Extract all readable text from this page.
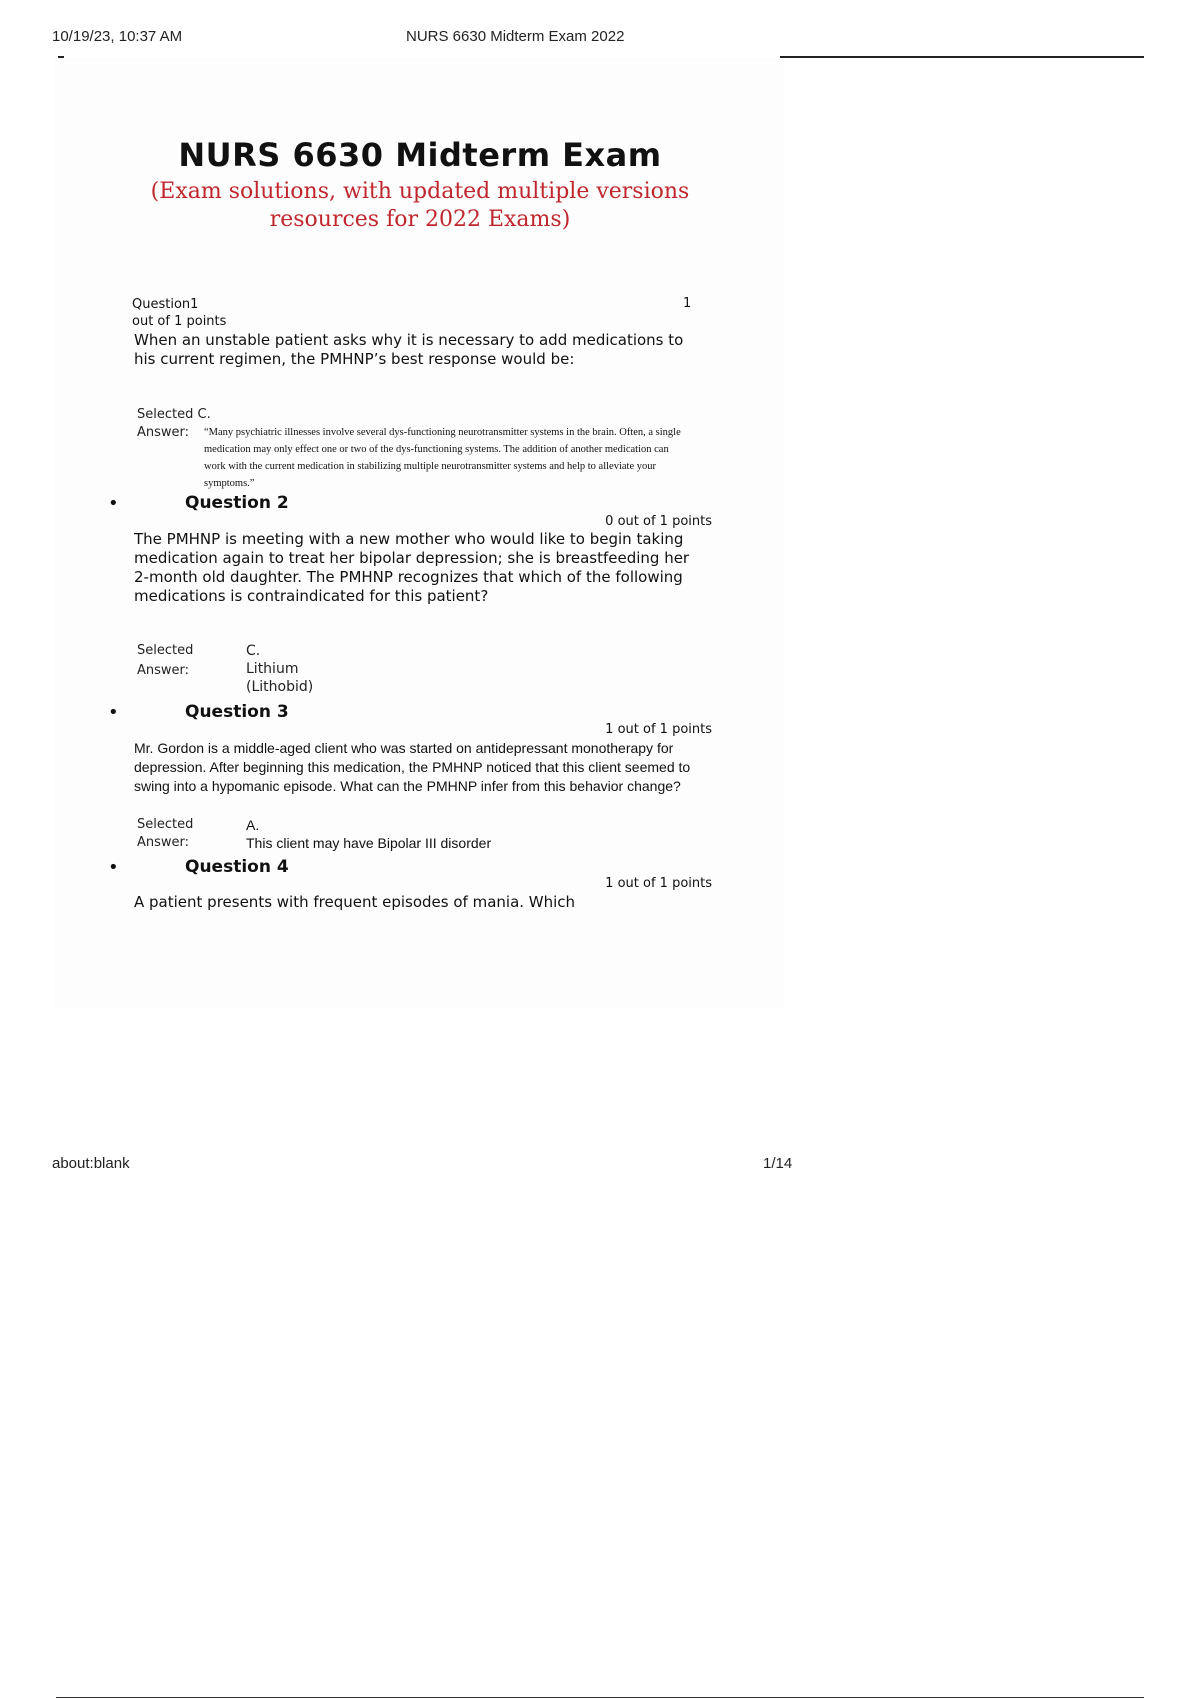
10/19/23, 10:37 AM	NURS 6630 Midterm Exam 2022
NURS 6630 Midterm Exam
(Exam solutions, with updated multiple versions
resources for 2022 Exams)
Question1
out of 1 points
1
When an unstable patient asks why it is necessary to add medications to his current regimen, the PMHNP’s best response would be:
Selected C.
Answer:	“Many psychiatric illnesses involve several dys-functioning neurotransmitter systems in the brain. Often, a single medication may only effect one or two of the dys-functioning systems. The addition of another medication can work with the current medication in stabilizing multiple neurotransmitter systems and help to alleviate your symptoms.”
•	Question 2
0 out of 1 points
The PMHNP is meeting with a new mother who would like to begin taking medication again to treat her bipolar depression; she is breastfeeding her 2-month old daughter. The PMHNP recognizes that which of the following medications is contraindicated for this patient?
Selected
Answer:
C.
Lithium
(Lithobid)
•	Question 3
1 out of 1 points
Mr. Gordon is a middle-aged client who was started on antidepressant monotherapy for depression. After beginning this medication, the PMHNP noticed that this client seemed to swing into a hypomanic episode. What can the PMHNP infer from this behavior change?
Selected
Answer:
A.
This client may have Bipolar III disorder
•	Question 4
1 out of 1 points
A patient presents with frequent episodes of mania. Which
about:blank	1/14
